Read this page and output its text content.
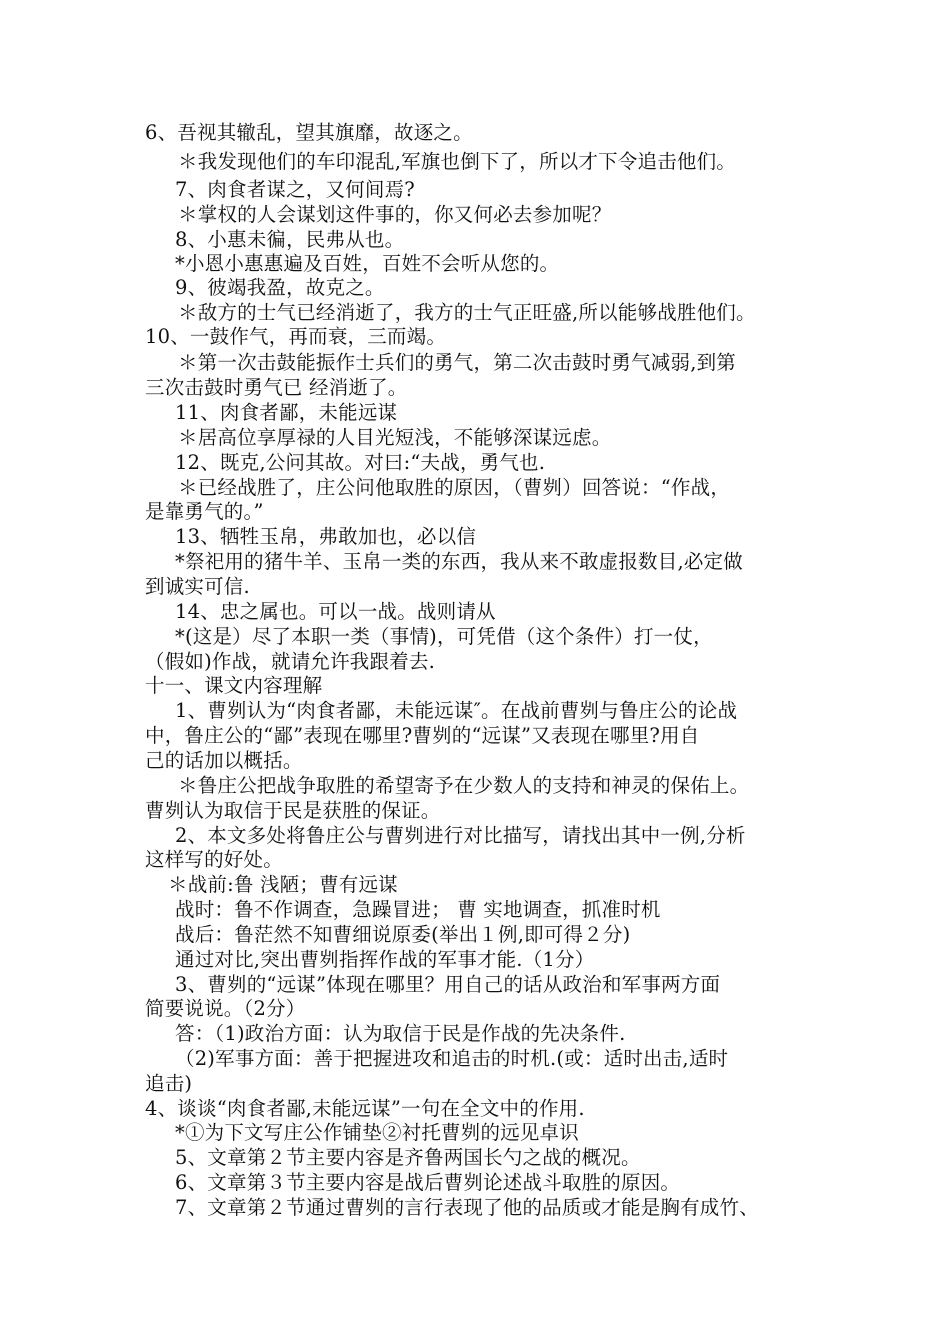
6、吾视其辙乱，望其旗靡，故逐之。
＊我发现他们的车印混乱,军旗也倒下了，所以才下令追击他们。
7、肉食者谋之，又何间焉?
＊掌权的人会谋划这件事的，你又何必去参加呢？
8、小惠未徧，民弗从也。
*小恩小惠惠遍及百姓，百姓不会听从您的。
9、彼竭我盈，故克之。
＊敌方的士气已经消逝了，我方的士气正旺盛,所以能够战胜他们。
10、一鼓作气，再而衰，三而竭。
＊第一次击鼓能振作士兵们的勇气，第二次击鼓时勇气减弱,到第
三次击鼓时勇气已 经消逝了。
11、肉食者鄙，未能远谋
＊居高位享厚禄的人目光短浅，不能够深谋远虑。
12、既克,公问其故。对曰:“夫战，勇气也.
＊已经战胜了，庄公问他取胜的原因，（曹刿）回答说：“作战，
是靠勇气的。”
13、牺牲玉帛，弗敢加也，必以信
*祭祀用的猪牛羊、玉帛一类的东西，我从来不敢虚报数目,必定做
到诚实可信.
14、忠之属也。可以一战。战则请从
*(这是）尽了本职一类（事情)，可凭借（这个条件）打一仗，
（假如)作战，就请允许我跟着去.
十一、课文内容理解
1、曹刿认为“肉食者鄙，未能远谋″。在战前曹刿与鲁庄公的论战
中，鲁庄公的“鄙”表现在哪里?曹刿的“远谋”又表现在哪里?用自
己的话加以概括。
＊鲁庄公把战争取胜的希望寄予在少数人的支持和神灵的保佑上。
曹刿认为取信于民是获胜的保证。
2、本文多处将鲁庄公与曹刿进行对比描写，请找出其中一例,分析
这样写的好处。
＊战前:鲁 浅陋；曹有远谋
战时：鲁不作调查，急躁冒进； 曹 实地调查，抓准时机
战后：鲁茫然不知曹细说原委(举出１例,即可得２分)
通过对比,突出曹刿指挥作战的军事才能.（1分）
3、曹刿的“远谋”体现在哪里？用自己的话从政治和军事两方面
简要说说。（2分）
答：（1)政治方面：认为取信于民是作战的先决条件.
（2)军事方面：善于把握进攻和追击的时机.(或：适时出击,适时
追击)
4、谈谈“肉食者鄙,未能远谋”一句在全文中的作用.
*①为下文写庄公作铺垫②衬托曹刿的远见卓识
5、文章第２节主要内容是齐鲁两国长勺之战的概况。
6、文章第３节主要内容是战后曹刿论述战斗取胜的原因。
7、文章第２节通过曹刿的言行表现了他的品质或才能是胸有成竹、
